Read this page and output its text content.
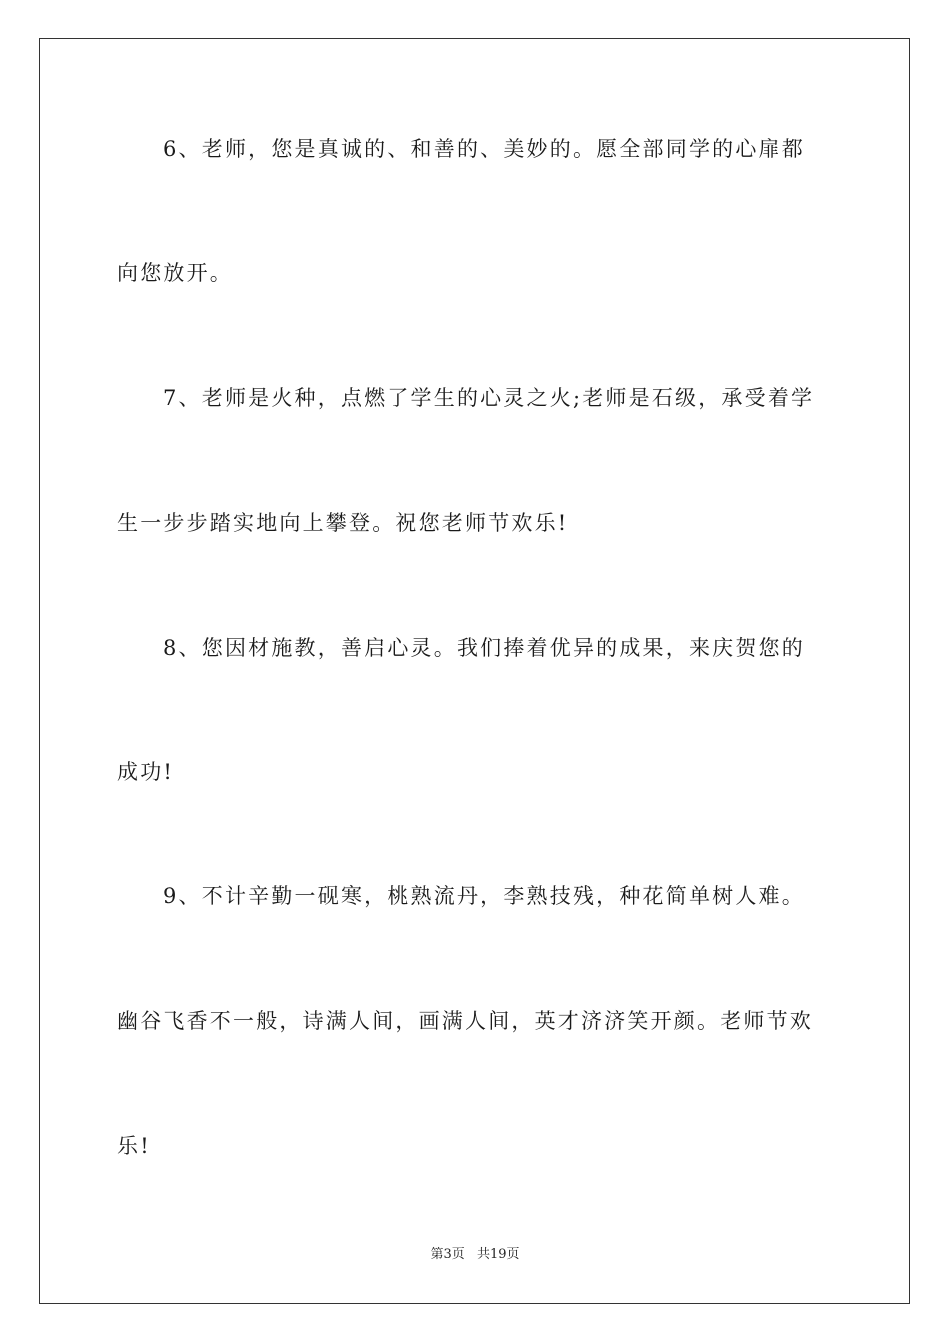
6、老师，您是真诚的、和善的、美妙的。愿全部同学的心扉都
向您放开。
7、老师是火种，点燃了学生的心灵之火;老师是石级，承受着学
生一步步踏实地向上攀登。祝您老师节欢乐!
8、您因材施教，善启心灵。我们捧着优异的成果，来庆贺您的
成功!
9、不计辛勤一砚寒，桃熟流丹，李熟技残，种花简单树人难。
幽谷飞香不一般，诗满人间，画满人间，英才济济笑开颜。老师节欢
乐!
第3页 共19页
